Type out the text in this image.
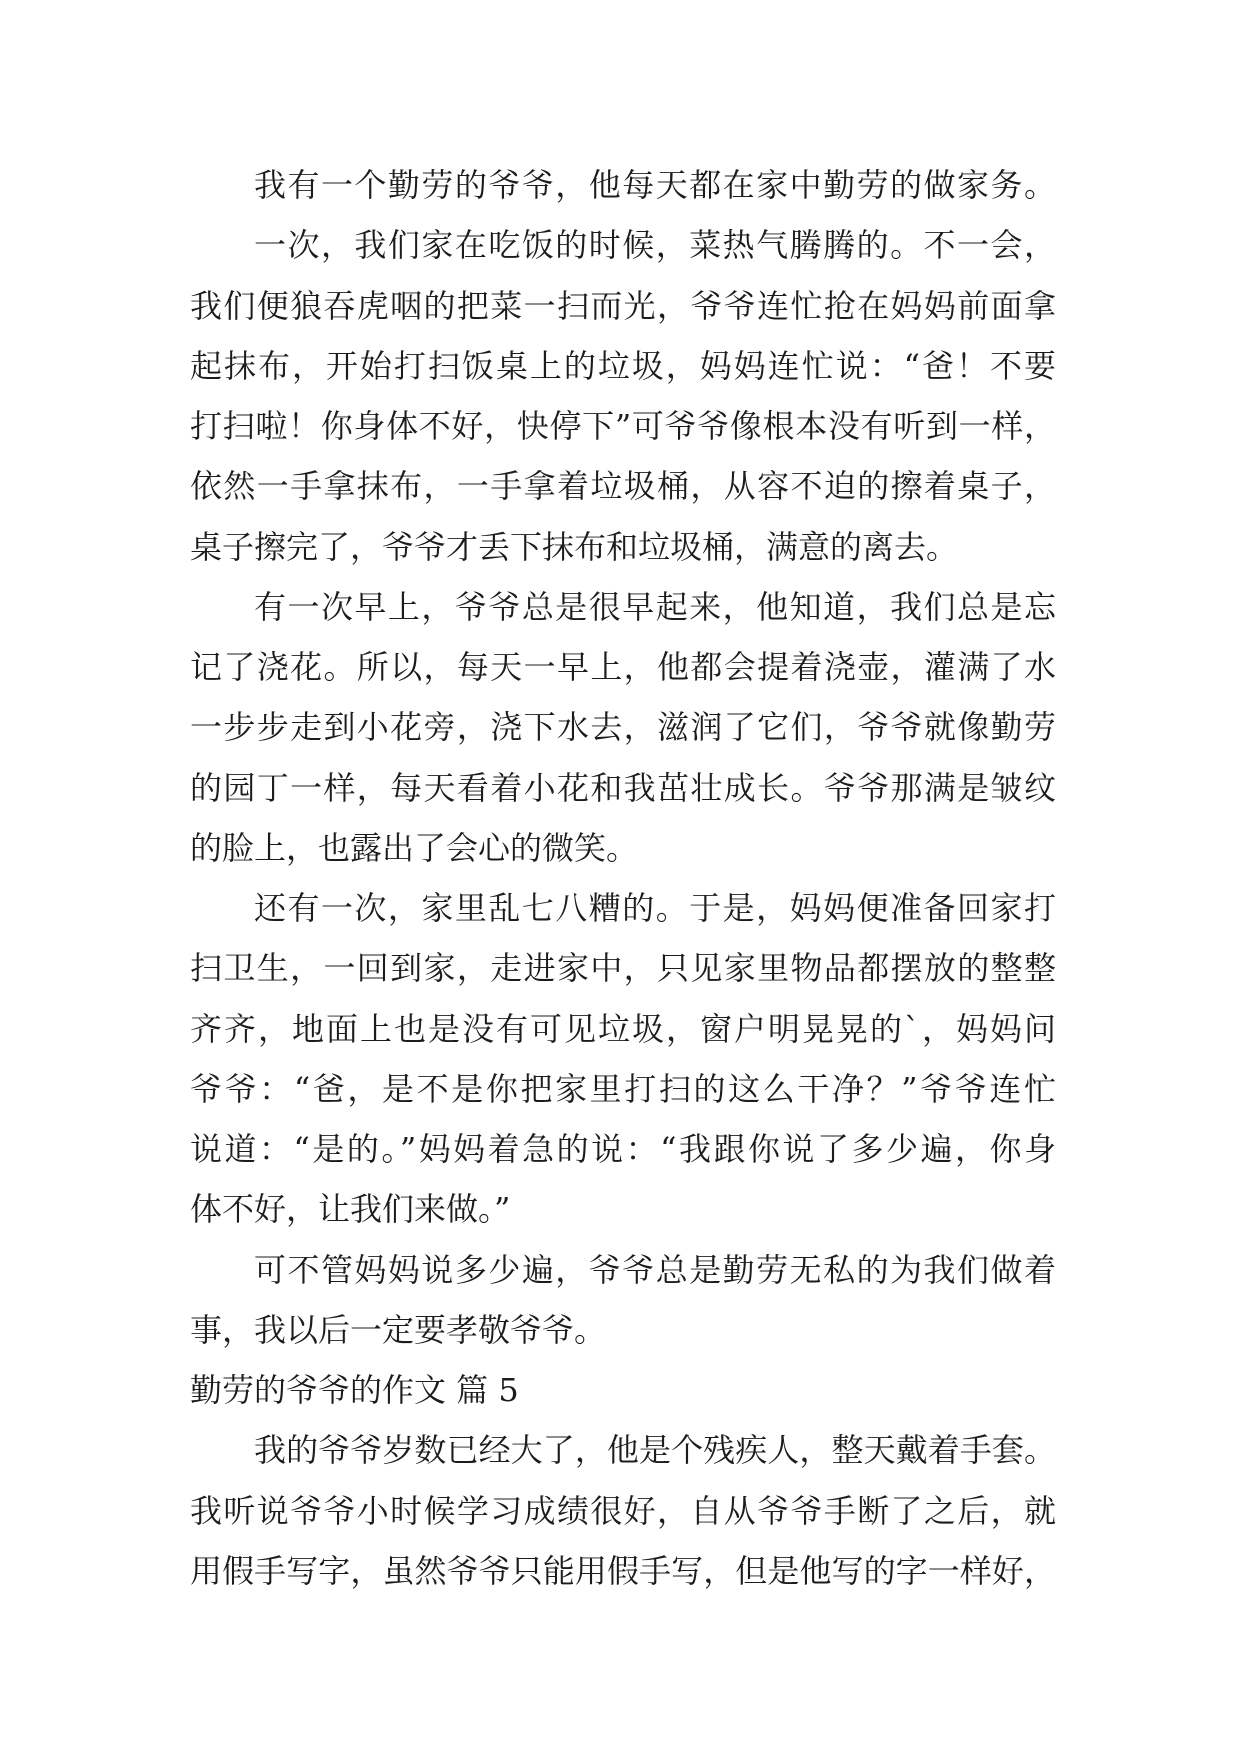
我有一个勤劳的爷爷，他每天都在家中勤劳的做家务。
一次，我们家在吃饭的时候，菜热气腾腾的。不一会，
我们便狼吞虎咽的把菜一扫而光，爷爷连忙抢在妈妈前面拿
起抹布，开始打扫饭桌上的垃圾，妈妈连忙说：“爸！不要
打扫啦！你身体不好，快停下”可爷爷像根本没有听到一样，
依然一手拿抹布，一手拿着垃圾桶，从容不迫的擦着桌子，
桌子擦完了，爷爷才丢下抹布和垃圾桶，满意的离去。
有一次早上，爷爷总是很早起来，他知道，我们总是忘
记了浇花。所以，每天一早上，他都会提着浇壶，灌满了水
一步步走到小花旁，浇下水去，滋润了它们，爷爷就像勤劳
的园丁一样，每天看着小花和我茁壮成长。爷爷那满是皱纹
的脸上，也露出了会心的微笑。
还有一次，家里乱七八糟的。于是，妈妈便准备回家打
扫卫生，一回到家，走进家中，只见家里物品都摆放的整整
齐齐，地面上也是没有可见垃圾，窗户明晃晃的`，妈妈问
爷爷：“爸，是不是你把家里打扫的这么干净？”爷爷连忙
说道：“是的。”妈妈着急的说：“我跟你说了多少遍，你身
体不好，让我们来做。”
可不管妈妈说多少遍，爷爷总是勤劳无私的为我们做着
事，我以后一定要孝敬爷爷。
勤劳的爷爷的作文 篇 5
我的爷爷岁数已经大了，他是个残疾人，整天戴着手套。
我听说爷爷小时候学习成绩很好，自从爷爷手断了之后，就
用假手写字，虽然爷爷只能用假手写，但是他写的字一样好，
